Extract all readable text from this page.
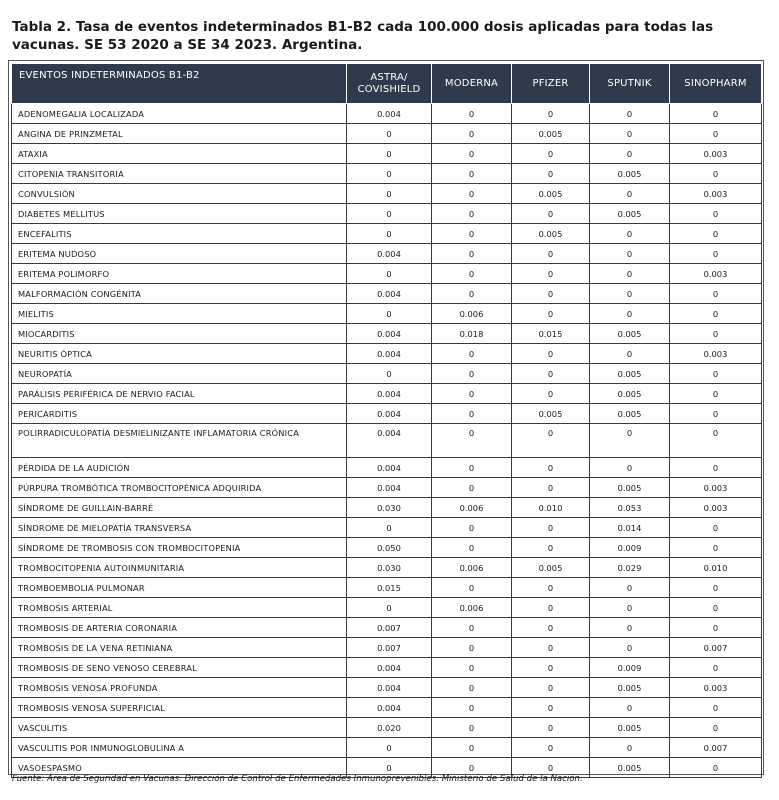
Tabla 2. Tasa de eventos indeterminados B1-B2 cada 100.000 dosis aplicadas para todas las vacunas. SE 53 2020 a SE 34 2023. Argentina.
EVENTOS INDETERMINADOS B1-B2	ASTRA/ COVISHIELD	MODERNA	PFIZER	SPUTNIK	SINOPHARM
ADENOMEGALIA LOCALIZADA	0.004	0	0	0	0
ANGINA DE PRINZMETAL	0	0	0.005	0	0
ATAXIA	0	0	0	0	0.003
CITOPENIA TRANSITORIA	0	0	0	0.005	0
CONVULSIÓN	0	0	0.005	0	0.003
DIABETES MELLITUS	0	0	0	0.005	0
ENCEFALITIS	0	0	0.005	0	0
ERITEMA NUDOSO	0.004	0	0	0	0
ERITEMA POLIMORFO	0	0	0	0	0.003
MALFORMACIÓN CONGÉNITA	0.004	0	0	0	0
MIELITIS	0	0.006	0	0	0
MIOCARDITIS	0.004	0.018	0.015	0.005	0
NEURITIS ÓPTICA	0.004	0	0	0	0.003
NEUROPATÍA	0	0	0	0.005	0
PARÁLISIS PERIFÉRICA DE NERVIO FACIAL	0.004	0	0	0.005	0
PERICARDITIS	0.004	0	0.005	0.005	0
POLIRRADICULOPATÍA DESMIELINIZANTE INFLAMATORIA CRÓNICA	0.004	0	0	0	0
PÉRDIDA DE LA AUDICIÓN	0.004	0	0	0	0
PÚRPURA TROMBÓTICA TROMBOCITOPÉNICA ADQUIRIDA	0.004	0	0	0.005	0.003
SÍNDROME DE GUILLAIN-BARRÉ	0.030	0.006	0.010	0.053	0.003
SÍNDROME DE MIELOPATÍA TRANSVERSA	0	0	0	0.014	0
SÍNDROME DE TROMBOSIS CON TROMBOCITOPENIA	0.050	0	0	0.009	0
TROMBOCITOPENIA AUTOINMUNITARIA	0.030	0.006	0.005	0.029	0.010
TROMBOEMBOLIA PULMONAR	0.015	0	0	0	0
TROMBOSIS ARTERIAL	0	0.006	0	0	0
TROMBOSIS DE ARTERIA CORONARIA	0.007	0	0	0	0
TROMBOSIS DE LA VENA RETINIANA	0.007	0	0	0	0.007
TROMBOSIS DE SENO VENOSO CEREBRAL	0.004	0	0	0.009	0
TROMBOSIS VENOSA PROFUNDA	0.004	0	0	0.005	0.003
TROMBOSIS VENOSA SUPERFICIAL	0.004	0	0	0	0
VASCULITIS	0.020	0	0	0.005	0
VASCULITIS POR INMUNOGLOBULINA A	0	0	0	0	0.007
VASOESPASMO	0	0	0	0.005	0
Fuente: Área de Seguridad en Vacunas. Dirección de Control de Enfermedades Inmunoprevenibles. Ministerio de Salud de la Nación.
